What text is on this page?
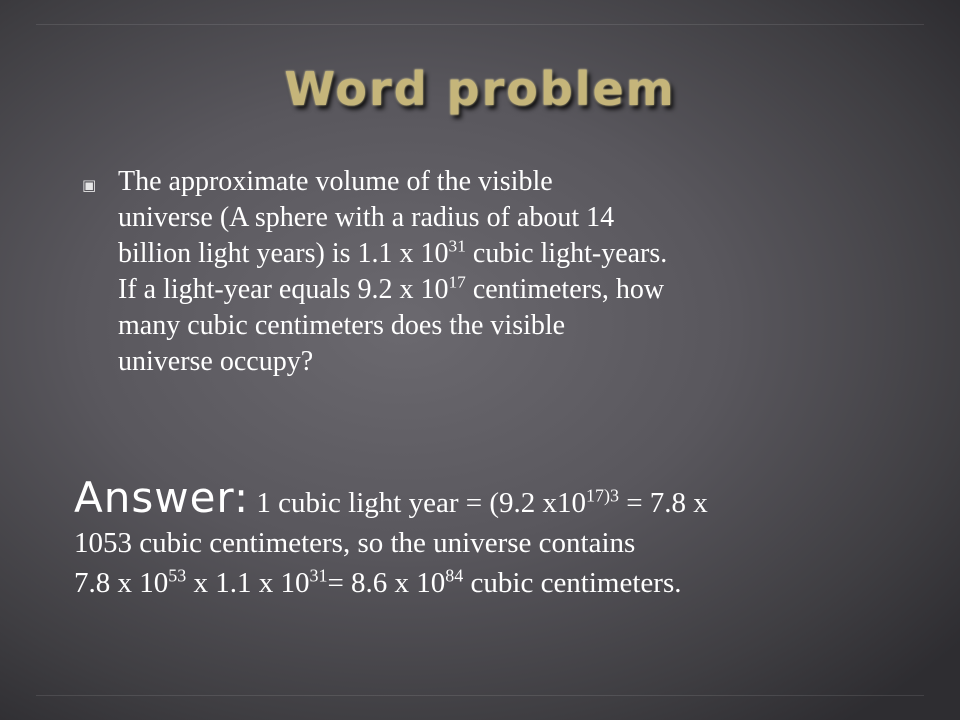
Word problem
▣ The approximate volume of the visible
universe (A sphere with a radius of about 14
billion light years) is 1.1 x $10^{31}$ cubic light-years.
If a light-year equals 9.2 x $10^{17}$ centimeters, how
many cubic centimeters does the visible
universe occupy?
Answer: 1 cubic light year = (9.2 $x10^{17)3} = 7.8$ x
1053 cubic centimeters, so the universe contains
7.8 x $10^{53}$ x 1.1 x $10^{31}= 8.6$ x $10^{84}$ cubic centimeters.
